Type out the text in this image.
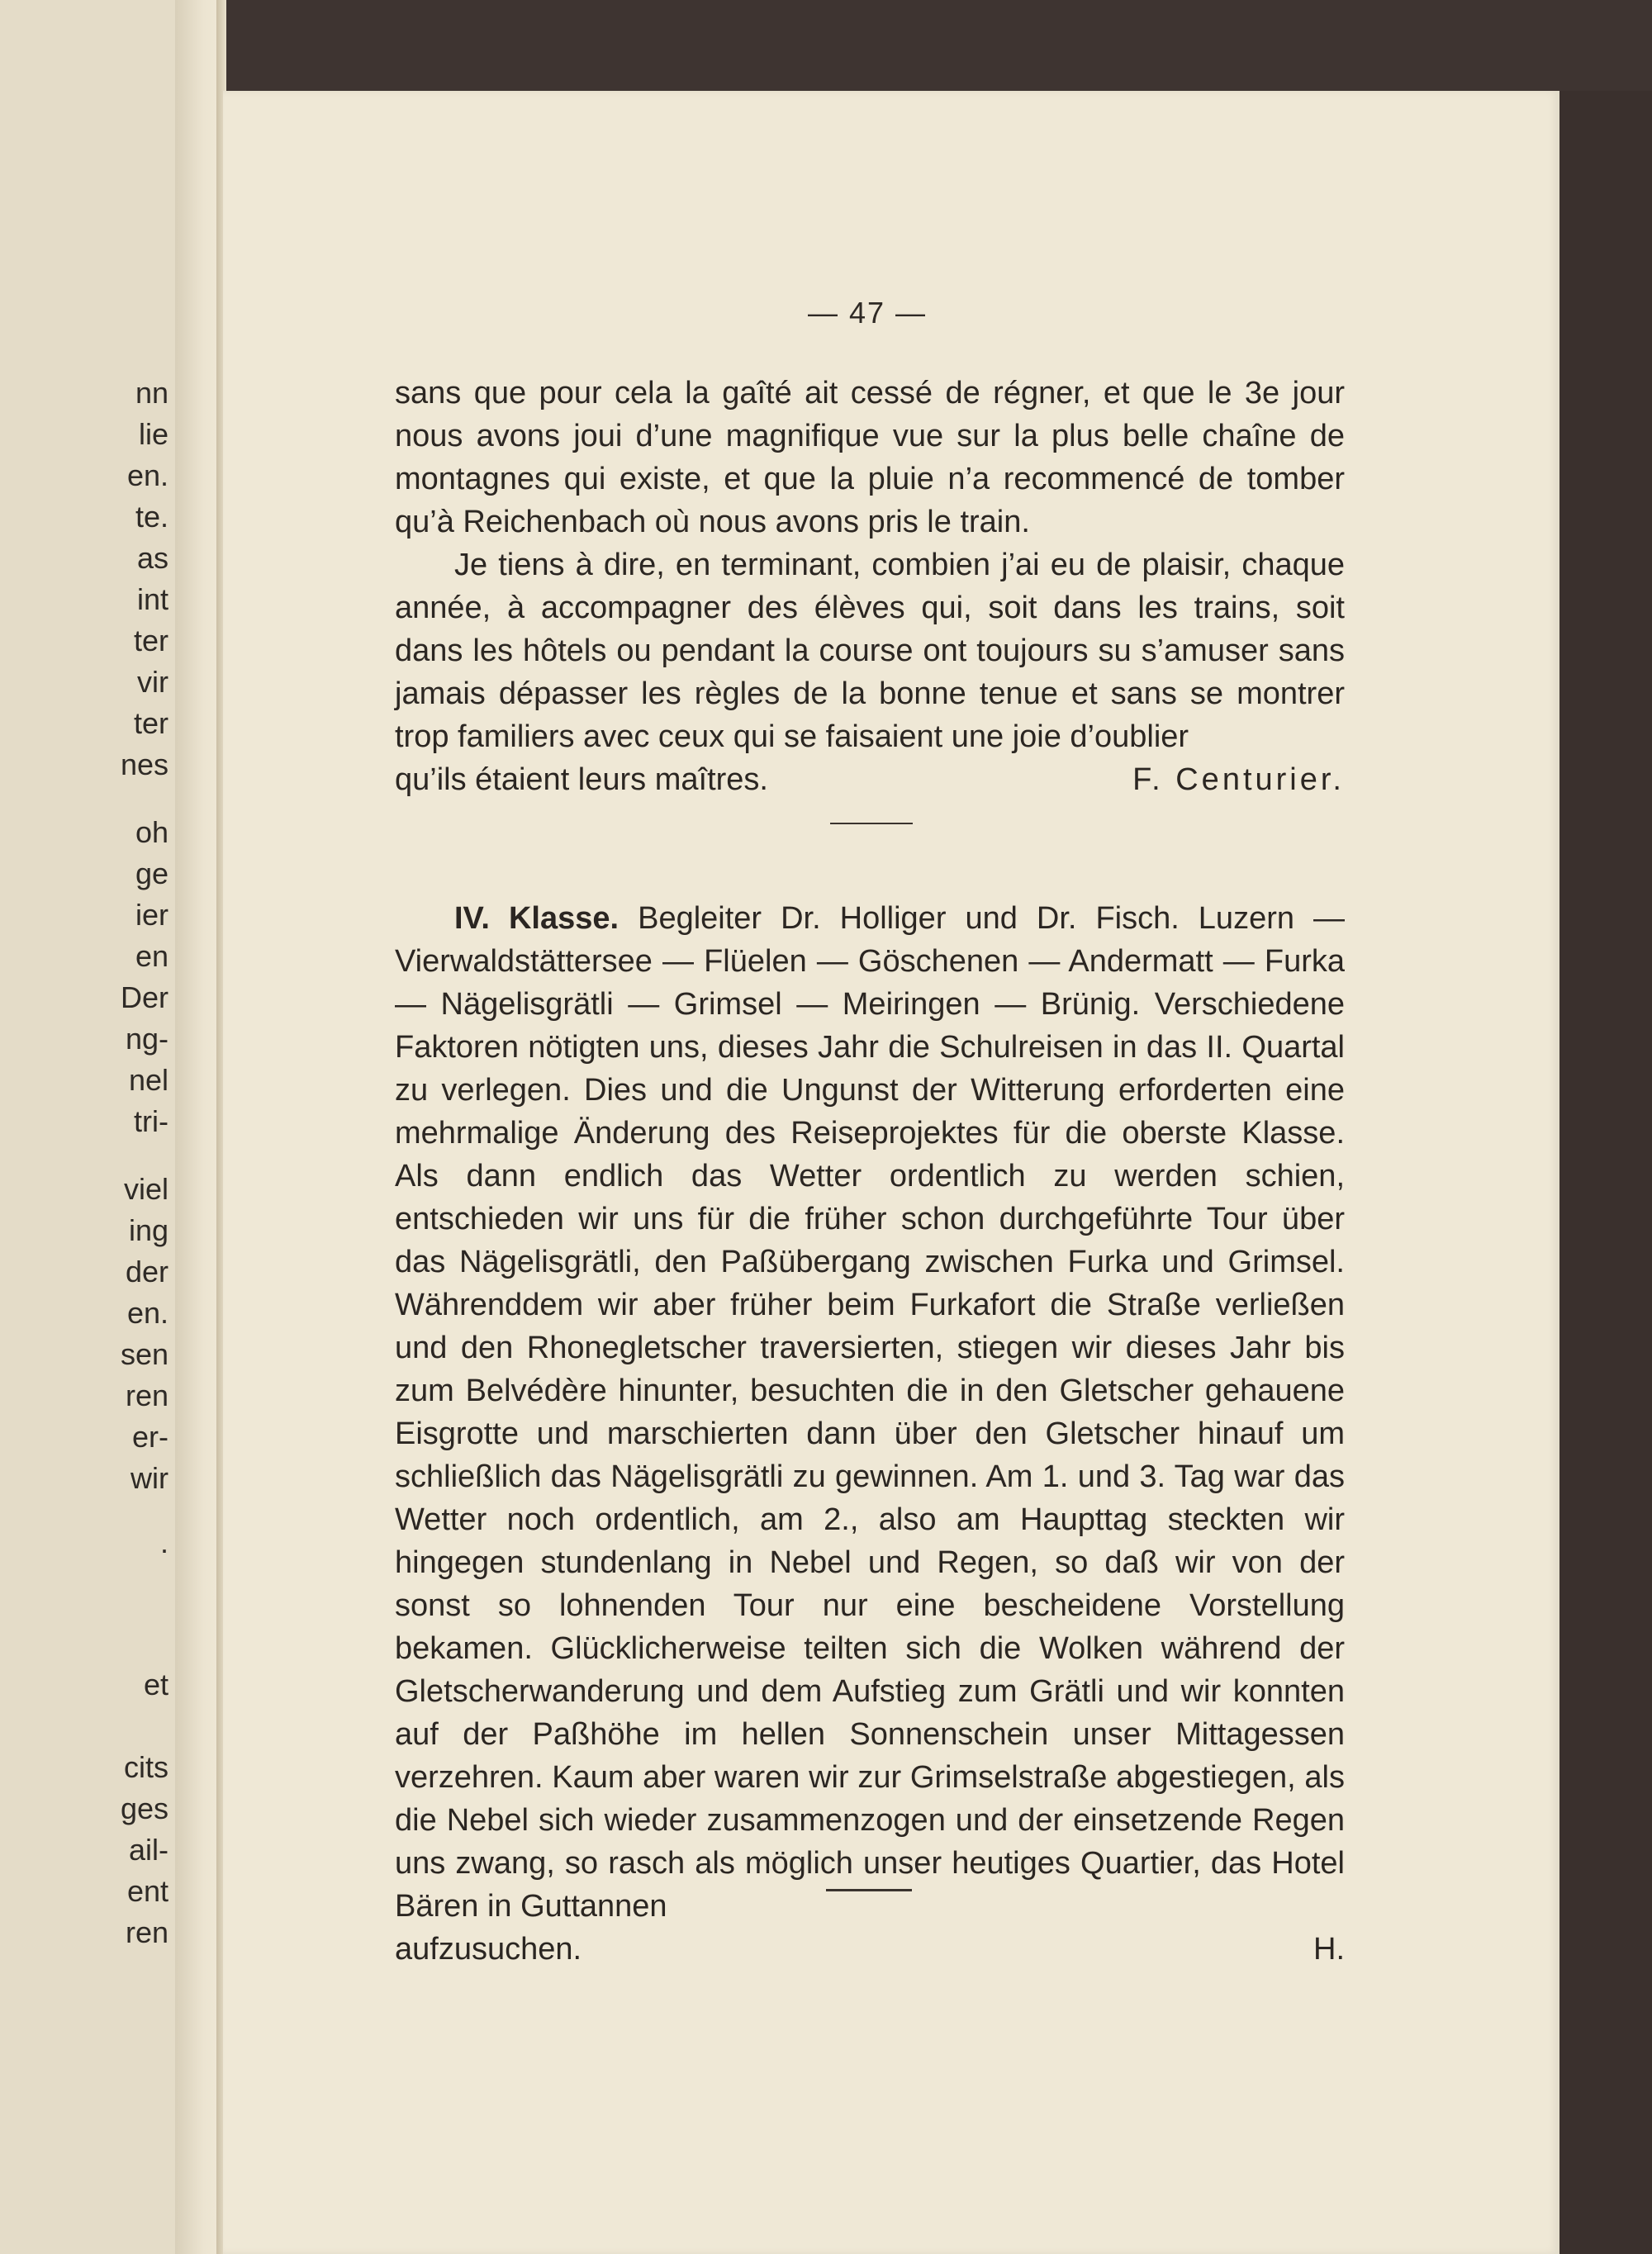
nn
lie
en.
te.
as
int
ter
vir
ter
nes
oh
ge
ier
en
Der
ng-
nel
tri-
viel
ing
der
en.
sen
ren
er-
wir
.
et
cits
ges
ail-
ent
ren
— 47 —

sans que pour cela la gaîté ait cessé de régner, et que le 3e jour nous avons joui d’une magnifique vue sur la plus belle chaîne de montagnes qui existe, et que la pluie n’a recommencé de tomber qu’à Reichenbach où nous avons pris le train.

Je tiens à dire, en terminant, combien j’ai eu de plaisir, chaque année, à accompagner des élèves qui, soit dans les trains, soit dans les hôtels ou pendant la course ont toujours su s’amuser sans jamais dépasser les règles de la bonne tenue et sans se montrer trop familiers avec ceux qui se faisaient une joie d’oublier

qu’ils étaient leurs maîtres.	F. Centurier.

IV. Klasse. Begleiter Dr. Holliger und Dr. Fisch. Luzern — Vierwaldstättersee — Flüelen — Göschenen — Andermatt — Furka — Nägelisgrätli — Grimsel — Meiringen — Brünig. Verschiedene Faktoren nötigten uns, dieses Jahr die Schulreisen in das II. Quartal zu verlegen. Dies und die Ungunst der Witterung erforderten eine mehrmalige Änderung des Reiseprojektes für die oberste Klasse. Als dann endlich das Wetter ordentlich zu werden schien, entschieden wir uns für die früher schon durchgeführte Tour über das Nägelisgrätli, den Paßübergang zwischen Furka und Grimsel. Währenddem wir aber früher beim Furkafort die Straße verließen und den Rhonegletscher traversierten, stiegen wir dieses Jahr bis zum Belvédère hinunter, besuchten die in den Gletscher gehauene Eisgrotte und marschierten dann über den Gletscher hinauf um schließlich das Nägelisgrätli zu gewinnen. Am 1. und 3. Tag war das Wetter noch ordentlich, am 2., also am Haupttag steckten wir hingegen stundenlang in Nebel und Regen, so daß wir von der sonst so lohnenden Tour nur eine bescheidene Vorstellung bekamen. Glücklicherweise teilten sich die Wolken während der Gletscherwanderung und dem Aufstieg zum Grätli und wir konnten auf der Paßhöhe im hellen Sonnenschein unser Mittagessen verzehren. Kaum aber waren wir zur Grimselstraße abgestiegen, als die Nebel sich wieder zusammenzogen und der einsetzende Regen uns zwang, so rasch als möglich unser heutiges Quartier, das Hotel Bären in Guttannen

aufzusuchen.	H.
